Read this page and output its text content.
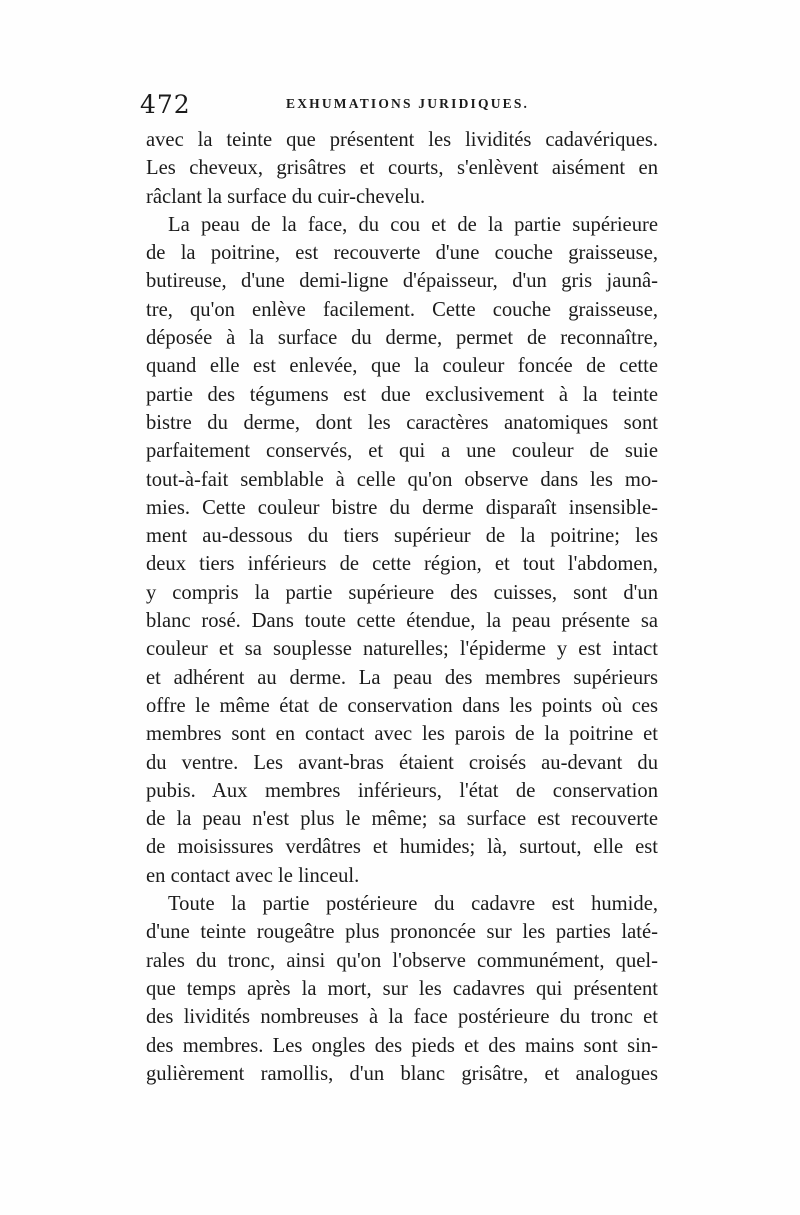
472	EXHUMATIONS JURIDIQUES.
avec la teinte que présentent les lividités cadavériques.
Les cheveux, grisâtres et courts, s'enlèvent aisément en
râclant la surface du cuir-chevelu.
La peau de la face, du cou et de la partie supérieure
de la poitrine, est recouverte d'une couche graisseuse,
butireuse, d'une demi-ligne d'épaisseur, d'un gris jaunâ-
tre, qu'on enlève facilement. Cette couche graisseuse,
déposée à la surface du derme, permet de reconnaître,
quand elle est enlevée, que la couleur foncée de cette
partie des tégumens est due exclusivement à la teinte
bistre du derme, dont les caractères anatomiques sont
parfaitement conservés, et qui a une couleur de suie
tout-à-fait semblable à celle qu'on observe dans les mo-
mies. Cette couleur bistre du derme disparaît insensible-
ment au-dessous du tiers supérieur de la poitrine; les
deux tiers inférieurs de cette région, et tout l'abdomen,
y compris la partie supérieure des cuisses, sont d'un
blanc rosé. Dans toute cette étendue, la peau présente sa
couleur et sa souplesse naturelles; l'épiderme y est intact
et adhérent au derme. La peau des membres supérieurs
offre le même état de conservation dans les points où ces
membres sont en contact avec les parois de la poitrine et
du ventre. Les avant-bras étaient croisés au-devant du
pubis. Aux membres inférieurs, l'état de conservation
de la peau n'est plus le même; sa surface est recouverte
de moisissures verdâtres et humides; là, surtout, elle est
en contact avec le linceul.
Toute la partie postérieure du cadavre est humide,
d'une teinte rougeâtre plus prononcée sur les parties laté-
rales du tronc, ainsi qu'on l'observe communément, quel-
que temps après la mort, sur les cadavres qui présentent
des lividités nombreuses à la face postérieure du tronc et
des membres. Les ongles des pieds et des mains sont sin-
gulièrement ramollis, d'un blanc grisâtre, et analogues
